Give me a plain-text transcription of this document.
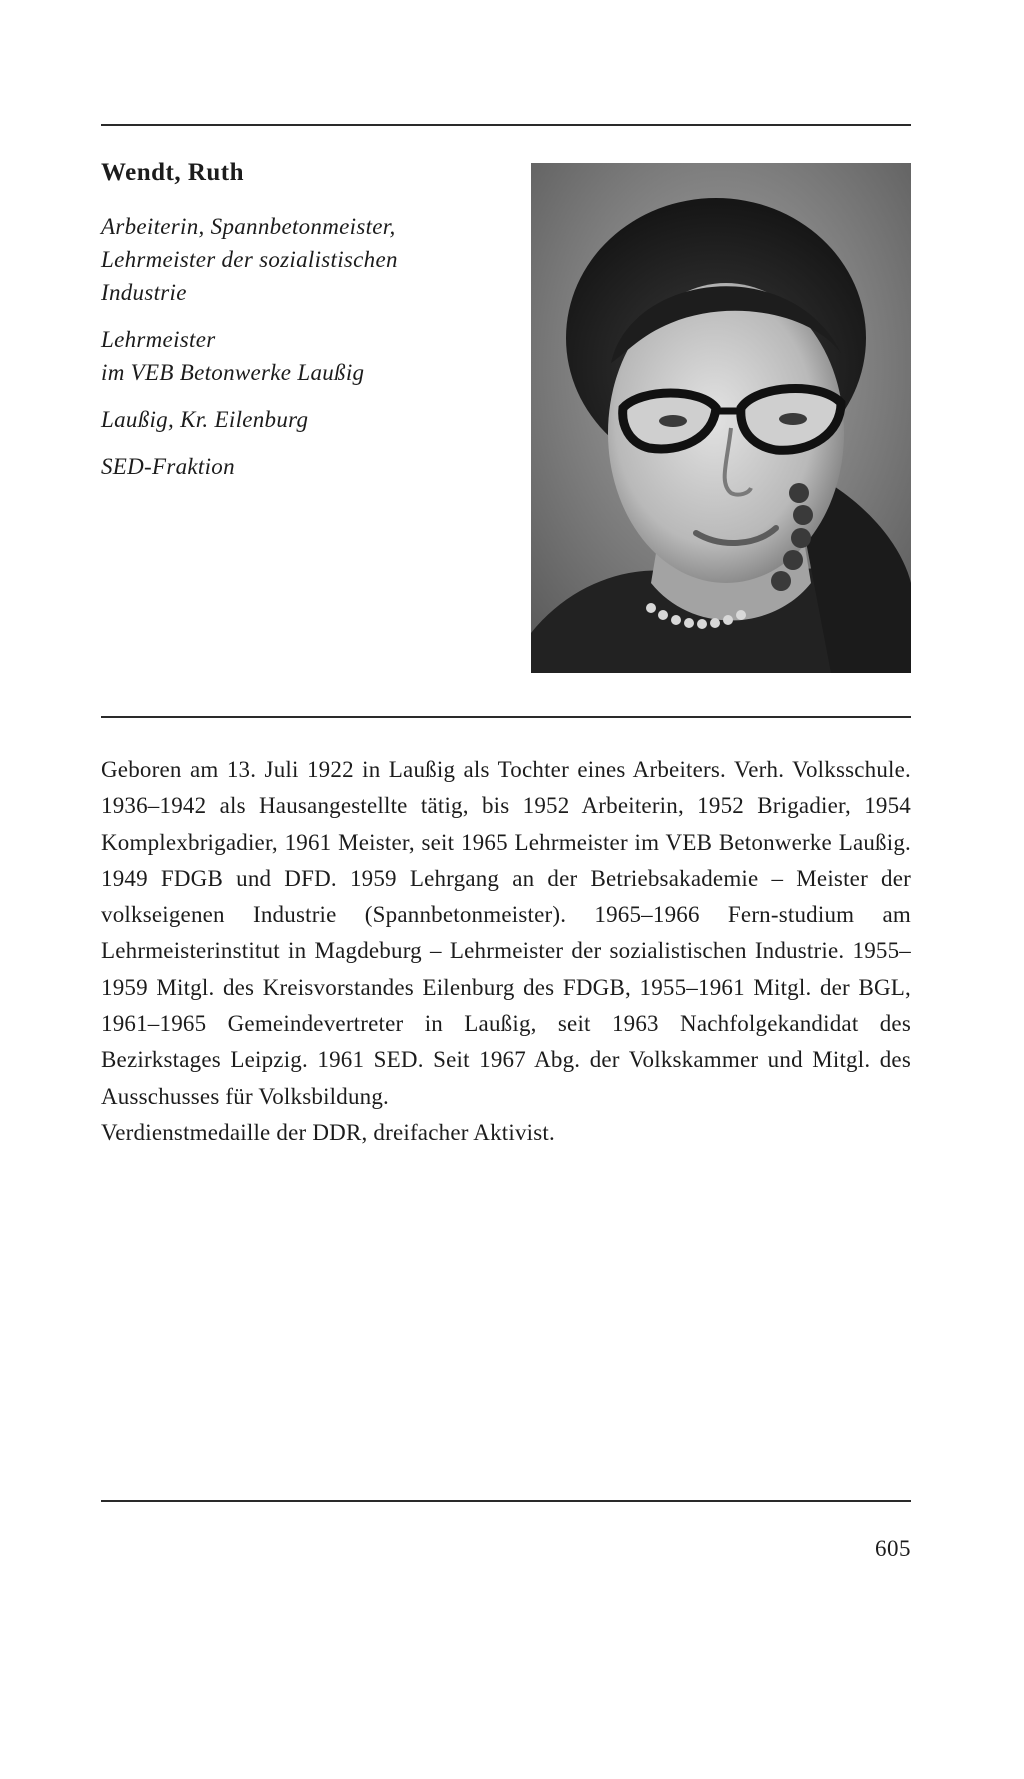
Wendt, Ruth
Arbeiterin, Spannbetonmeister,
Lehrmeister der sozialistischen
Industrie
Lehrmeister
im VEB Betonwerke Laußig
Laußig, Kr. Eilenburg
SED-Fraktion

Geboren am 13. Juli 1922 in Laußig als Tochter eines Arbeiters. Verh. Volksschule. 1936–1942 als Hausangestellte tätig, bis 1952 Arbeiterin, 1952 Brigadier, 1954 Komplexbrigadier, 1961 Meister, seit 1965 Lehrmeister im VEB Betonwerke Laußig. 1949 FDGB und DFD. 1959 Lehrgang an der Betriebsakademie – Meister der volkseigenen Industrie (Spannbetonmeister). 1965–1966 Fern-studium am Lehrmeisterinstitut in Magdeburg – Lehrmeister der sozialistischen Industrie. 1955–1959 Mitgl. des Kreisvorstandes Eilenburg des FDGB, 1955–1961 Mitgl. der BGL, 1961–1965 Gemeindevertreter in Laußig, seit 1963 Nachfolgekandidat des Bezirkstages Leipzig. 1961 SED. Seit 1967 Abg. der Volkskammer und Mitgl. des Ausschusses für Volksbildung.

Verdienstmedaille der DDR, dreifacher Aktivist.

605
